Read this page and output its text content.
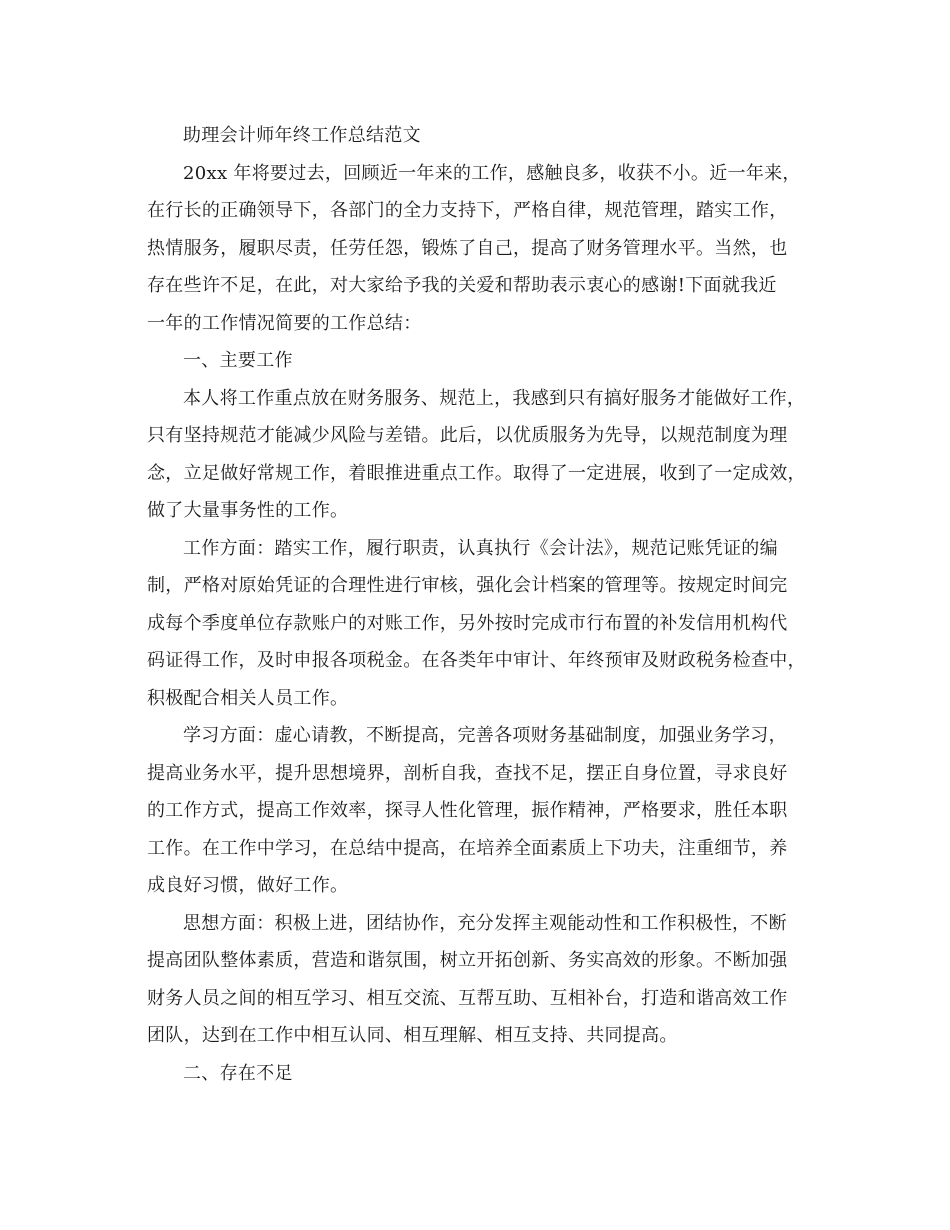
助理会计师年终工作总结范文
20xx 年将要过去，回顾近一年来的工作，感触良多，收获不小。近一年来，
在行长的正确领导下，各部门的全力支持下，严格自律，规范管理，踏实工作，
热情服务，履职尽责，任劳任怨，锻炼了自己，提高了财务管理水平。当然，也
存在些许不足，在此，对大家给予我的关爱和帮助表示衷心的感谢!下面就我近
一年的工作情况简要的工作总结：
一、主要工作
本人将工作重点放在财务服务、规范上，我感到只有搞好服务才能做好工作，
只有坚持规范才能减少风险与差错。此后，以优质服务为先导，以规范制度为理
念，立足做好常规工作，着眼推进重点工作。取得了一定进展，收到了一定成效，
做了大量事务性的工作。
工作方面：踏实工作，履行职责，认真执行《会计法》，规范记账凭证的编
制，严格对原始凭证的合理性进行审核，强化会计档案的管理等。按规定时间完
成每个季度单位存款账户的对账工作，另外按时完成市行布置的补发信用机构代
码证得工作，及时申报各项税金。在各类年中审计、年终预审及财政税务检查中，
积极配合相关人员工作。
学习方面：虚心请教，不断提高，完善各项财务基础制度，加强业务学习，
提高业务水平，提升思想境界，剖析自我，查找不足，摆正自身位置，寻求良好
的工作方式，提高工作效率，探寻人性化管理，振作精神，严格要求，胜任本职
工作。在工作中学习，在总结中提高，在培养全面素质上下功夫，注重细节，养
成良好习惯，做好工作。
思想方面：积极上进，团结协作，充分发挥主观能动性和工作积极性，不断
提高团队整体素质，营造和谐氛围，树立开拓创新、务实高效的形象。不断加强
财务人员之间的相互学习、相互交流、互帮互助、互相补台，打造和谐高效工作
团队，达到在工作中相互认同、相互理解、相互支持、共同提高。
二、存在不足
